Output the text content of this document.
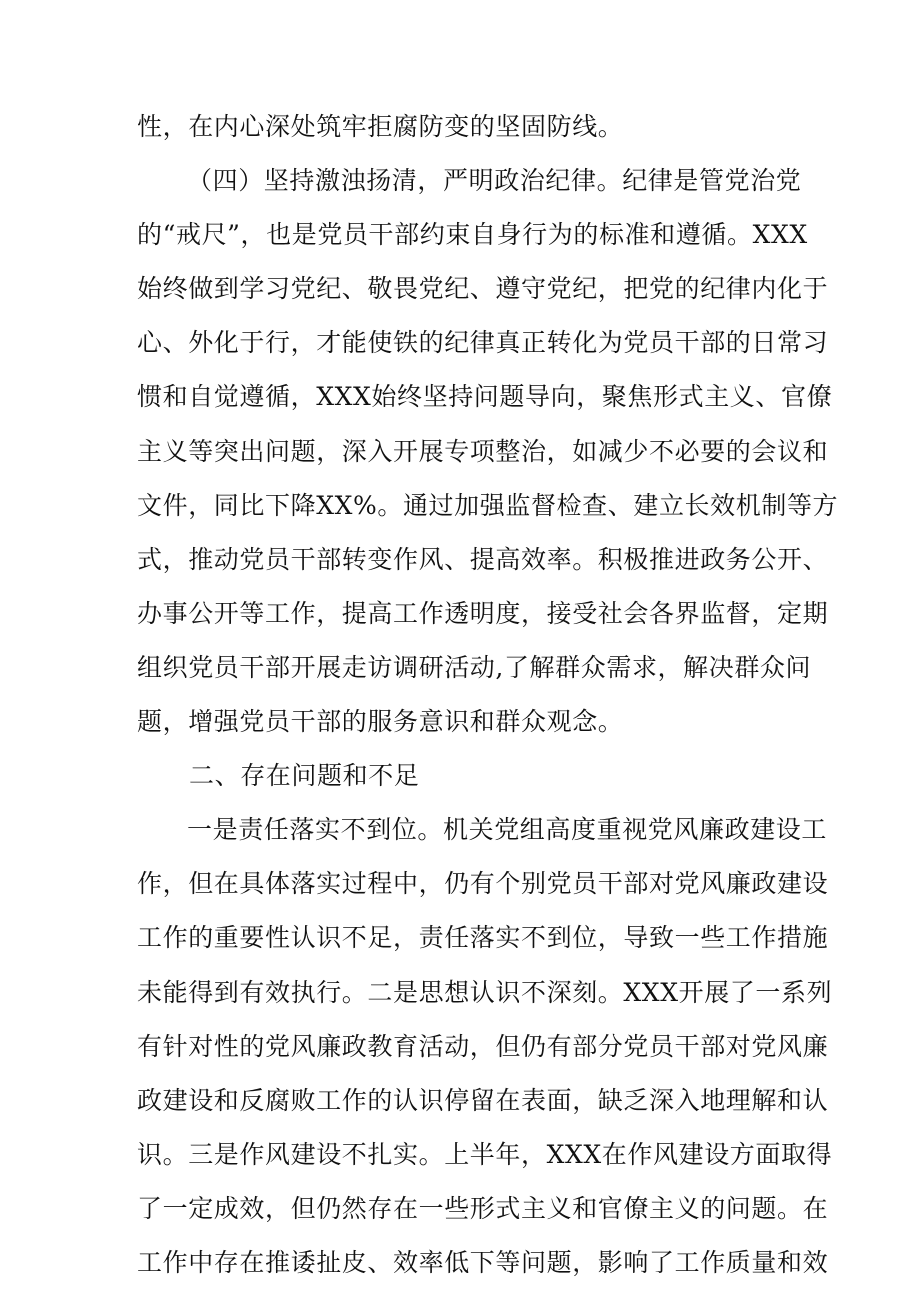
性，在内心深处筑牢拒腐防变的坚固防线。
（四）坚持激浊扬清，严明政治纪律。纪律是管党治党
的“戒尺”，也是党员干部约束自身行为的标准和遵循。XXX
始终做到学习党纪、敬畏党纪、遵守党纪，把党的纪律内化于
心、外化于行，才能使铁的纪律真正转化为党员干部的日常习
惯和自觉遵循，XXX始终坚持问题导向，聚焦形式主义、官僚
主义等突出问题，深入开展专项整治，如减少不必要的会议和
文件，同比下降XX%。通过加强监督检查、建立长效机制等方
式，推动党员干部转变作风、提高效率。积极推进政务公开、
办事公开等工作，提高工作透明度，接受社会各界监督，定期
组织党员干部开展走访调研活动,了解群众需求，解决群众问
题，增强党员干部的服务意识和群众观念。
二、存在问题和不足
一是责任落实不到位。机关党组高度重视党风廉政建设工
作，但在具体落实过程中，仍有个别党员干部对党风廉政建设
工作的重要性认识不足，责任落实不到位，导致一些工作措施
未能得到有效执行。二是思想认识不深刻。XXX开展了一系列
有针对性的党风廉政教育活动，但仍有部分党员干部对党风廉
政建设和反腐败工作的认识停留在表面，缺乏深入地理解和认
识。三是作风建设不扎实。上半年，XXX在作风建设方面取得
了一定成效，但仍然存在一些形式主义和官僚主义的问题。在
工作中存在推诿扯皮、效率低下等问题，影响了工作质量和效
